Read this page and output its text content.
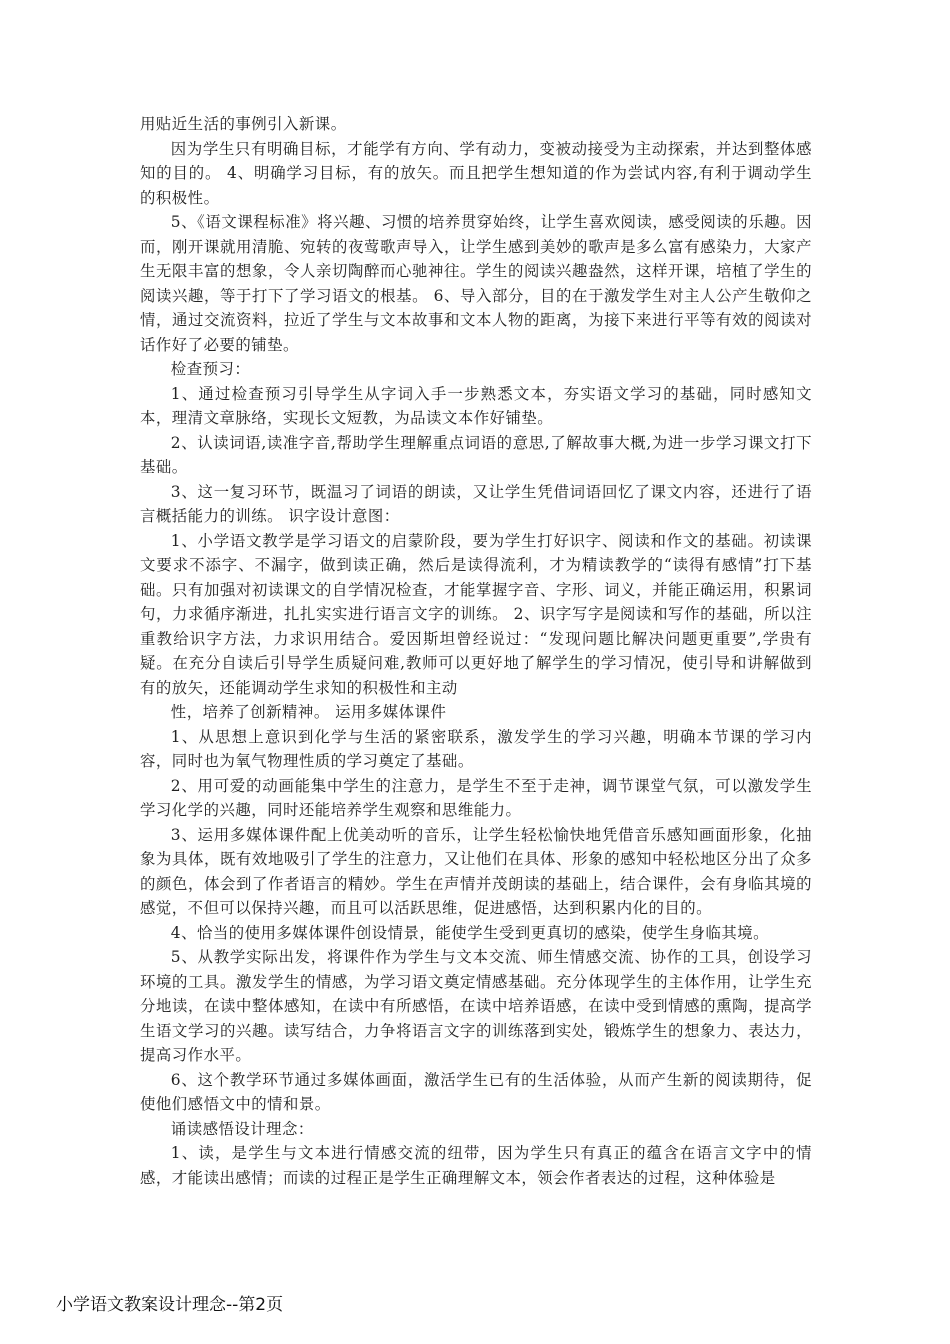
用贴近生活的事例引入新课。

因为学生只有明确目标，才能学有方向、学有动力，变被动接受为主动探索，并达到整体感知的目的。 4、明确学习目标，有的放矢。而且把学生想知道的作为尝试内容,有利于调动学生的积极性。

5、《语文课程标准》将兴趣、习惯的培养贯穿始终，让学生喜欢阅读，感受阅读的乐趣。因而，刚开课就用清脆、宛转的夜莺歌声导入，让学生感到美妙的歌声是多么富有感染力，大家产生无限丰富的想象，令人亲切陶醉而心驰神往。学生的阅读兴趣盎然，这样开课，培植了学生的阅读兴趣，等于打下了学习语文的根基。 6、导入部分，目的在于激发学生对主人公产生敬仰之情，通过交流资料，拉近了学生与文本故事和文本人物的距离，为接下来进行平等有效的阅读对话作好了必要的铺垫。

检查预习：

1、通过检查预习引导学生从字词入手一步熟悉文本，夯实语文学习的基础，同时感知文本，理清文章脉络，实现长文短教，为品读文本作好铺垫。

2、认读词语,读准字音,帮助学生理解重点词语的意思,了解故事大概,为进一步学习课文打下基础。

3、这一复习环节，既温习了词语的朗读，又让学生凭借词语回忆了课文内容，还进行了语言概括能力的训练。 识字设计意图：

1、小学语文教学是学习语文的启蒙阶段，要为学生打好识字、阅读和作文的基础。初读课文要求不添字、不漏字，做到读正确，然后是读得流利，才为精读教学的“读得有感情”打下基础。只有加强对初读课文的自学情况检查，才能掌握字音、字形、词义，并能正确运用，积累词句，力求循序渐进，扎扎实实进行语言文字的训练。 2、识字写字是阅读和写作的基础，所以注重教给识字方法，力求识用结合。爱因斯坦曾经说过：“发现问题比解决问题更重要”,学贵有疑。在充分自读后引导学生质疑问难,教师可以更好地了解学生的学习情况，使引导和讲解做到有的放矢，还能调动学生求知的积极性和主动

性，培养了创新精神。 运用多媒体课件

1、从思想上意识到化学与生活的紧密联系，激发学生的学习兴趣，明确本节课的学习内容，同时也为氧气物理性质的学习奠定了基础。

2、用可爱的动画能集中学生的注意力，是学生不至于走神，调节课堂气氛，可以激发学生学习化学的兴趣，同时还能培养学生观察和思维能力。

3、运用多媒体课件配上优美动听的音乐，让学生轻松愉快地凭借音乐感知画面形象，化抽象为具体，既有效地吸引了学生的注意力，又让他们在具体、形象的感知中轻松地区分出了众多的颜色，体会到了作者语言的精妙。学生在声情并茂朗读的基础上，结合课件，会有身临其境的感觉，不但可以保持兴趣，而且可以活跃思维，促进感悟，达到积累内化的目的。

4、恰当的使用多媒体课件创设情景，能使学生受到更真切的感染，使学生身临其境。

5、从教学实际出发，将课件作为学生与文本交流、师生情感交流、协作的工具，创设学习环境的工具。激发学生的情感，为学习语文奠定情感基础。充分体现学生的主体作用，让学生充分地读，在读中整体感知，在读中有所感悟，在读中培养语感，在读中受到情感的熏陶，提高学生语文学习的兴趣。读写结合，力争将语言文字的训练落到实处，锻炼学生的想象力、表达力，提高习作水平。

6、这个教学环节通过多媒体画面，激活学生已有的生活体验，从而产生新的阅读期待，促使他们感悟文中的情和景。

诵读感悟设计理念：

1、读，是学生与文本进行情感交流的纽带，因为学生只有真正的蕴含在语言文字中的情感，才能读出感情；而读的过程正是学生正确理解文本，领会作者表达的过程，这种体验是

小学语文教案设计理念--第2页
